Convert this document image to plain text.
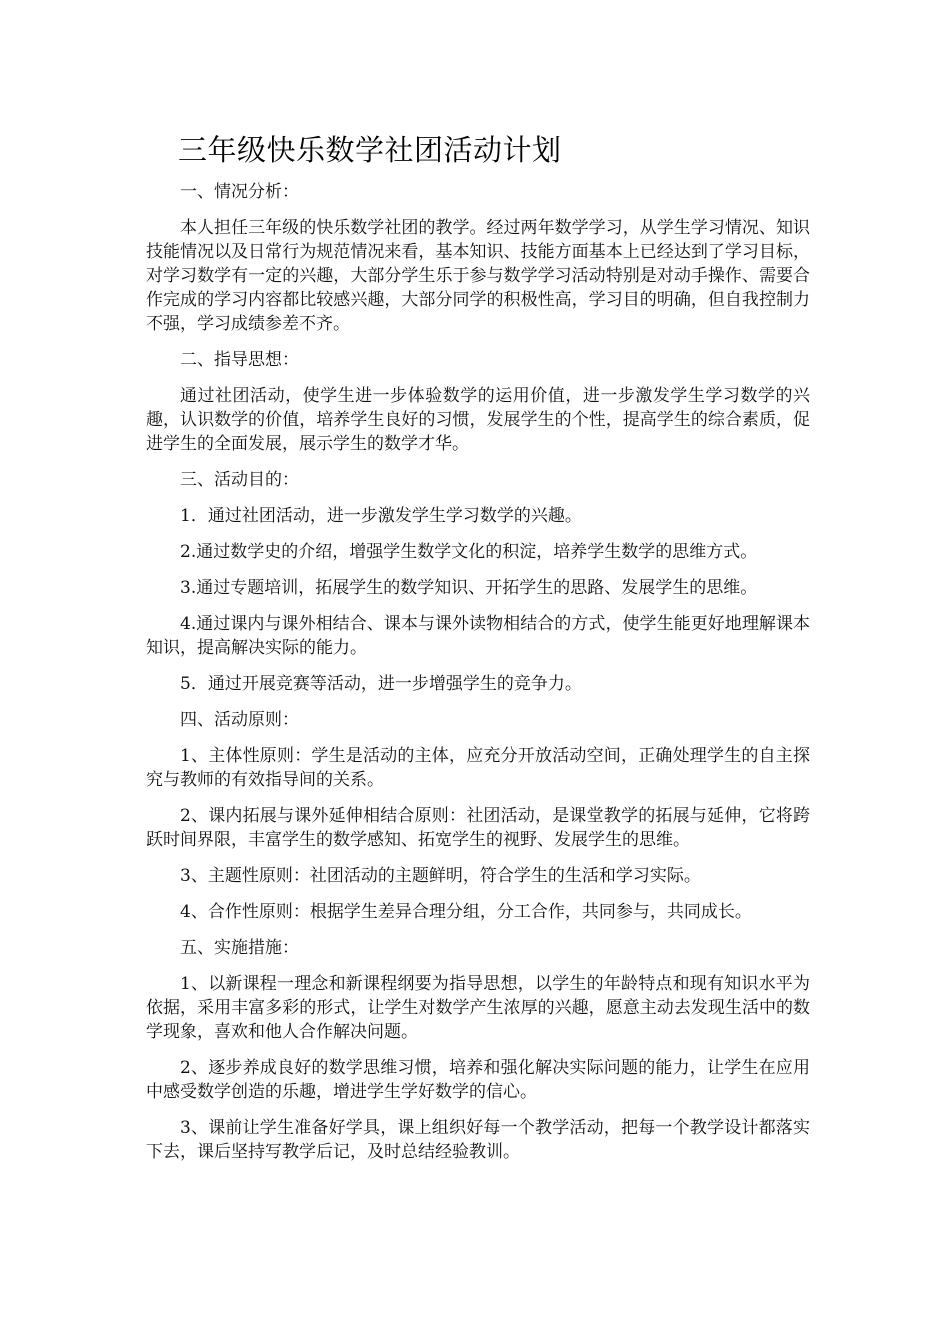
三年级快乐数学社团活动计划
一、情况分析：
本人担任三年级的快乐数学社团的教学。经过两年数学学习，从学生学习情况、知识技能情况以及日常行为规范情况来看，基本知识、技能方面基本上已经达到了学习目标，对学习数学有一定的兴趣，大部分学生乐于参与数学学习活动特别是对动手操作、需要合作完成的学习内容都比较感兴趣，大部分同学的积极性高，学习目的明确，但自我控制力不强，学习成绩参差不齐。
二、指导思想：
通过社团活动，使学生进一步体验数学的运用价值，进一步激发学生学习数学的兴趣，认识数学的价值，培养学生良好的习惯，发展学生的个性，提高学生的综合素质，促进学生的全面发展，展示学生的数学才华。
三、活动目的：
1．通过社团活动，进一步激发学生学习数学的兴趣。
2.通过数学史的介绍，增强学生数学文化的积淀，培养学生数学的思维方式。
3.通过专题培训，拓展学生的数学知识、开拓学生的思路、发展学生的思维。
4.通过课内与课外相结合、课本与课外读物相结合的方式，使学生能更好地理解课本知识，提高解决实际的能力。
5．通过开展竞赛等活动，进一步增强学生的竞争力。
四、活动原则：
1、主体性原则：学生是活动的主体，应充分开放活动空间，正确处理学生的自主探究与教师的有效指导间的关系。
2、课内拓展与课外延伸相结合原则：社团活动，是课堂教学的拓展与延伸，它将跨跃时间界限，丰富学生的数学感知、拓宽学生的视野、发展学生的思维。
3、主题性原则：社团活动的主题鲜明，符合学生的生活和学习实际。
4、合作性原则：根据学生差异合理分组，分工合作，共同参与，共同成长。
五、实施措施：
1、以新课程一理念和新课程纲要为指导思想，以学生的年龄特点和现有知识水平为依据，采用丰富多彩的形式，让学生对数学产生浓厚的兴趣，愿意主动去发现生活中的数学现象，喜欢和他人合作解决问题。
2、逐步养成良好的数学思维习惯，培养和强化解决实际问题的能力，让学生在应用中感受数学创造的乐趣，增进学生学好数学的信心。
3、课前让学生准备好学具，课上组织好每一个教学活动，把每一个教学设计都落实下去，课后坚持写教学后记，及时总结经验教训。
